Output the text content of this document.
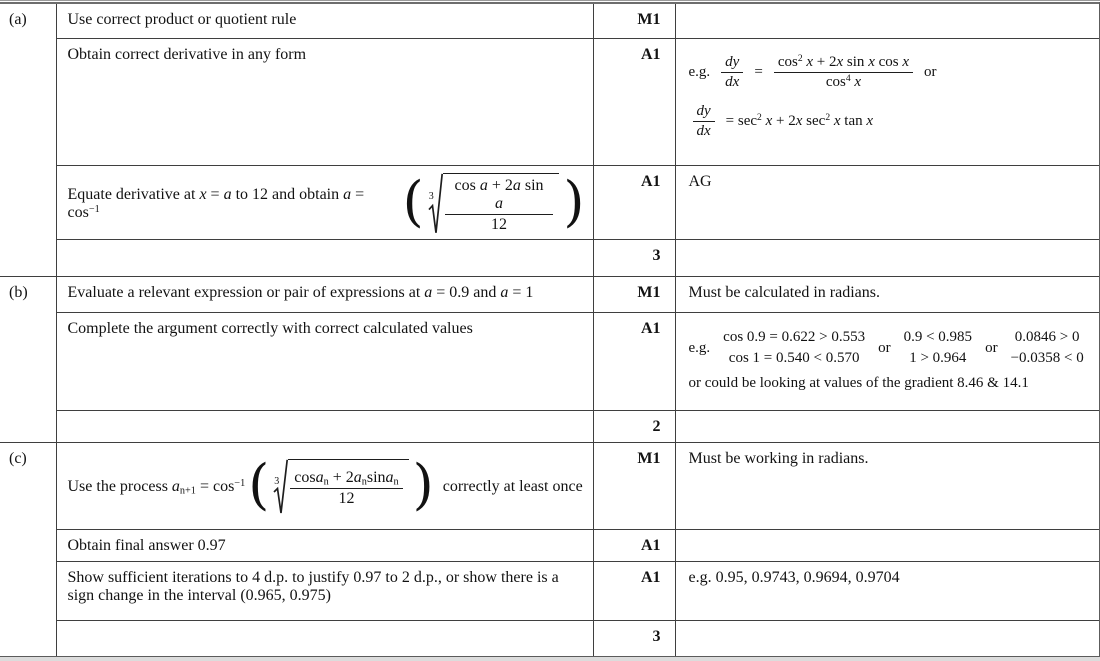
(a)	Use correct product or quotient rule	M1	
Obtain correct derivative in any form	A1	
e.g. $\frac{dy}{dx} = \frac{\cos^2 x + 2x \sin x \cos x}{\cos^4 x}$ or
$\frac{dy}{dx} = \sec^2 x + 2x$ $\sec^2 x$ tan x

Equate derivative at x = a to 12 and obtain $a = \cos^{-1}$	( $3 \frac{\text{cos a + 2a sin a}}{12}$ )	A1	AG
		3	
(b)	Evaluate a relevant expression or pair of expressions at a = 0.9 and a = 1	M1	Must be calculated in radians.
Complete the argument correctly with correct calculated values	A1	
e.g.
cos 0.9 = 0.622 > 0.553
cos 1 = 0.540 < 0.570
or
0.9 < 0.985
1 > 0.964
or
0.0846 > 0
−0.0358 < 0
or could be looking at values of the gradient 8.46 & 14.1

		2	
(c)	
Use the process $a_{n+1} = \cos^{-1}$ ( $3 \frac{\cos a_n + 2a_n\sin a_n}{12}$ ) correctly at least once
	M1	Must be working in radians.
	Obtain final answer 0.97	A1	
	Show sufficient iterations to 4 d.p. to justify 0.97 to 2 d.p., or show there is a sign change in the interval (0.965, 0.975)	A1	e.g. 0.95, 0.9743, 0.9694, 0.9704
		3	
